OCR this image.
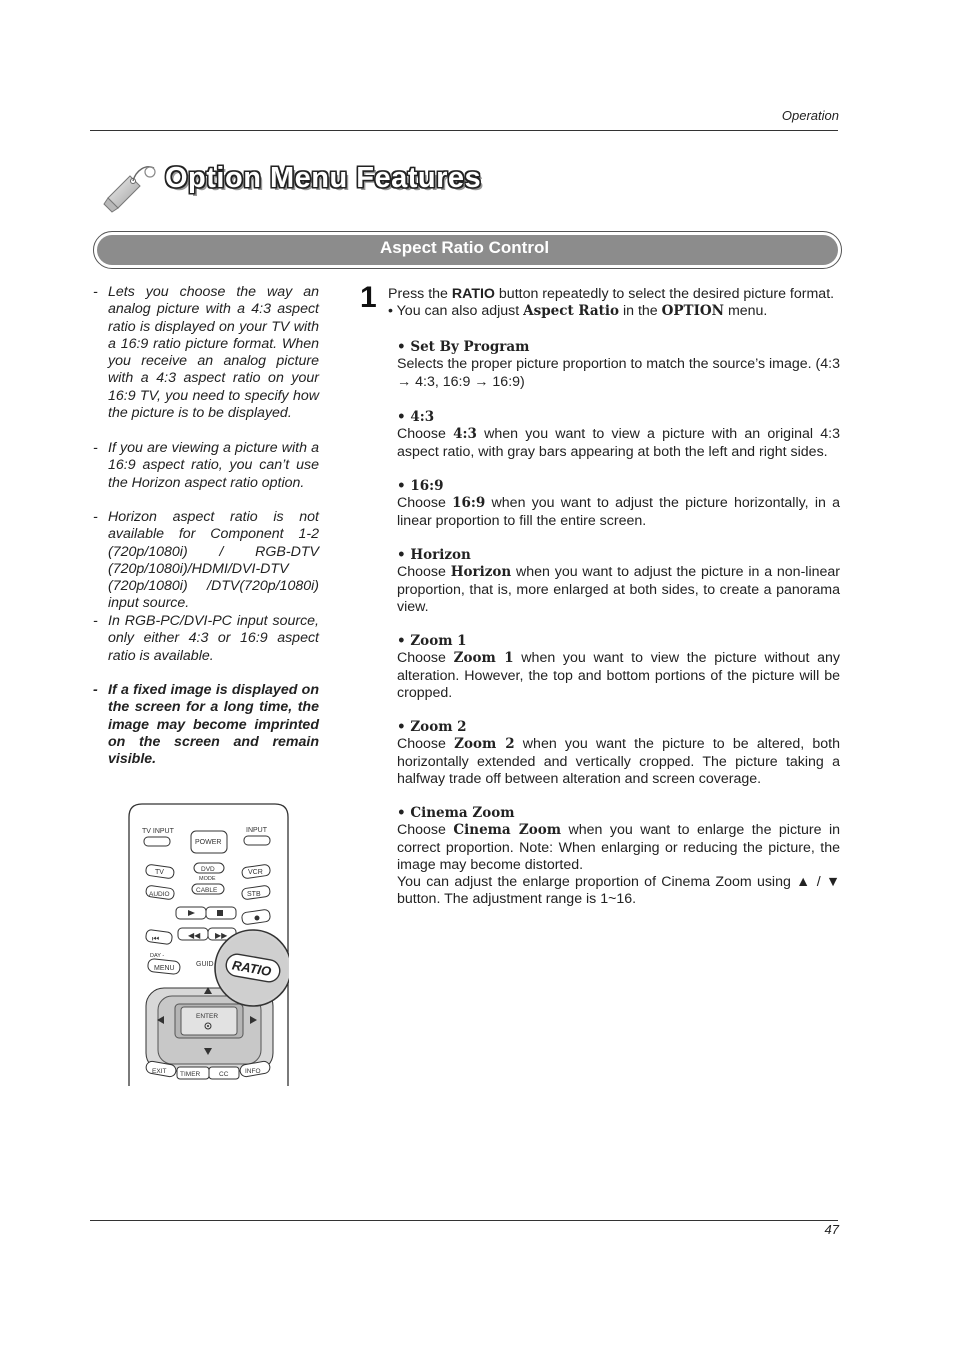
Operation
Option Menu Features
Aspect Ratio Control
- Lets you choose the way an analog picture with a 4:3 aspect ratio is displayed on your TV with a 16:9 ratio picture format. When you receive an analog picture with a 4:3 aspect ratio on your 16:9 TV, you need to specify how the picture is to be displayed.
- If you are viewing a picture with a 16:9 aspect ratio, you can’t use the Horizon aspect ratio option.
- Horizon aspect ratio is not available for Component 1-2 (720p/1080i) / RGB-DTV (720p/1080i)/HDMI/DVI-DTV (720p/1080i) /DTV(720p/1080i) input source.
- In RGB-PC/DVI-PC input source, only either 4:3 or 16:9 aspect ratio is available.
- If a fixed image is displayed on the screen for a long time, the image may become imprinted on the screen and remain visible.
TV INPUT	INPUT
POWER
TV	DVD
MODE
VCR
AUDIO
CABLE
STB
⏮	◀◀ ▶▶
DAY -
MENU
GUID
ENTER
EXIT TIMER	CC	INFO
RATIO
1 Press the RATIO button repeatedly to select the desired picture format.
• You can also adjust Aspect Ratio in the OPTION menu.
• Set By Program
Selects the proper picture proportion to match the source’s image. (4:3 → 4:3, 16:9 → 16:9)
• 4:3
Choose 4:3 when you want to view a picture with an original 4:3 aspect ratio, with gray bars appearing at both the left and right sides.
• 16:9
Choose 16:9 when you want to adjust the picture horizontally, in a linear proportion to fill the entire screen.
• Horizon
Choose Horizon when you want to adjust the picture in a non-linear proportion, that is, more enlarged at both sides, to create a panorama view.
• Zoom 1
Choose Zoom 1 when you want to view the picture without any alteration. However, the top and bottom portions of the picture will be cropped.
• Zoom 2
Choose Zoom 2 when you want the picture to be altered, both horizontally extended and vertically cropped. The picture taking a halfway trade off between alteration and screen coverage.
• Cinema Zoom
Choose Cinema Zoom when you want to enlarge the picture in correct proportion. Note: When enlarging or reducing the picture, the image may become distorted.
You can adjust the enlarge proportion of Cinema Zoom using ▲ / ▼ button. The adjustment range is 1~16.
47
